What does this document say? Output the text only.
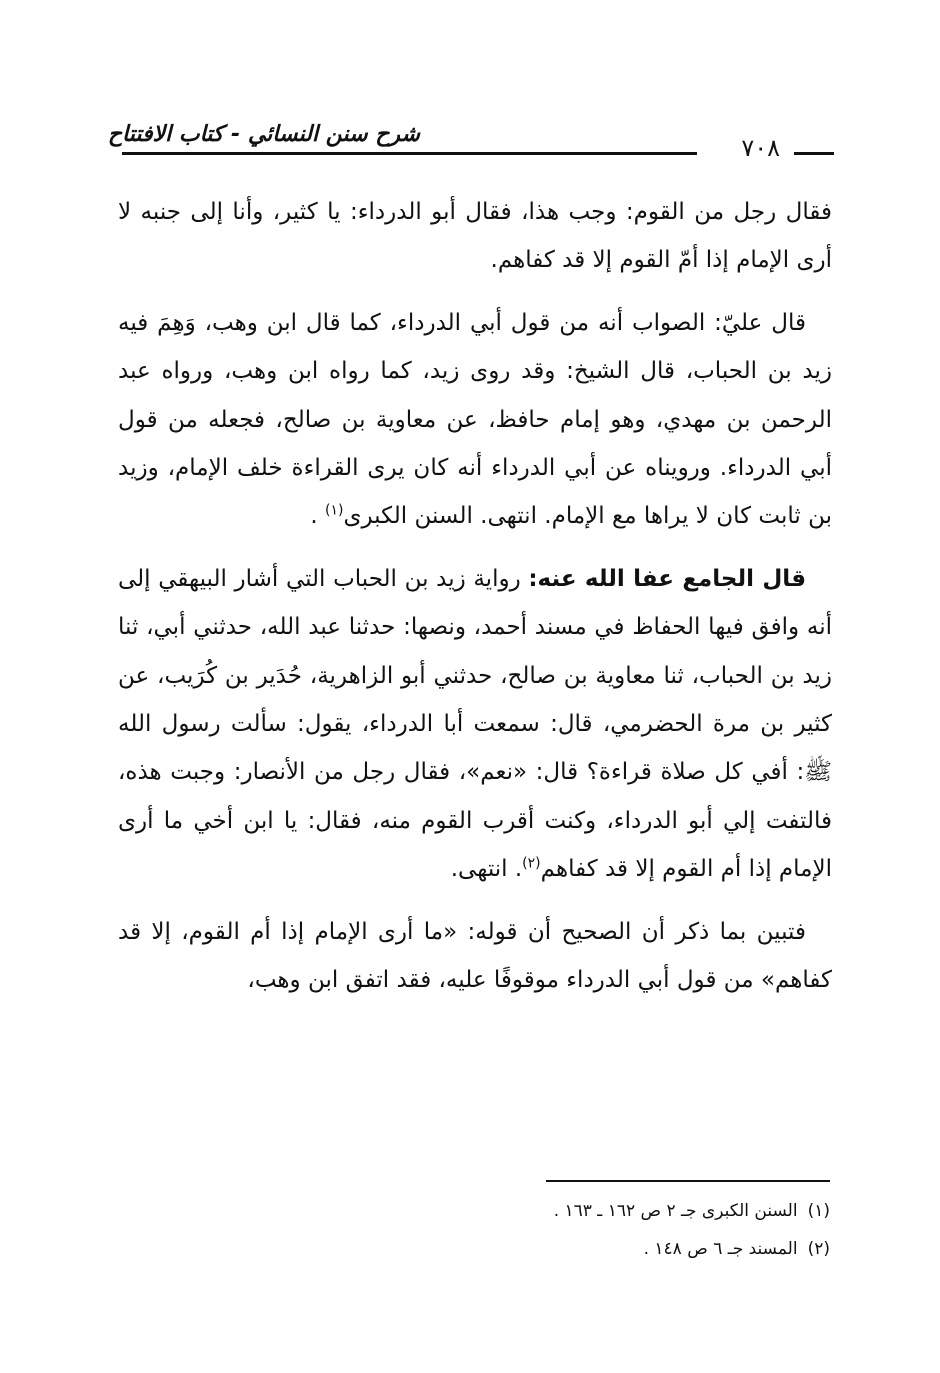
شرح سنن النسائي - كتاب الافتتاح	٧٠٨

فقال رجل من القوم: وجب هذا، فقال أبو الدرداء: يا كثير، وأنا إلى جنبه لا أرى الإمام إذا أمّ القوم إلا قد كفاهم.

قال عليّ: الصواب أنه من قول أبي الدرداء، كما قال ابن وهب، وَهِمَ فيه زيد بن الحباب، قال الشيخ: وقد روى زيد، كما رواه ابن وهب، ورواه عبد الرحمن بن مهدي، وهو إمام حافظ، عن معاوية بن صالح، فجعله من قول أبي الدرداء. ورويناه عن أبي الدرداء أنه كان يرى القراءة خلف الإمام، وزيد بن ثابت كان لا يراها مع الإمام. انتهى. السنن الكبرى$^{(١)}$ .

قال الجامع عفا الله عنه: رواية زيد بن الحباب التي أشار البيهقي إلى أنه وافق فيها الحفاظ في مسند أحمد، ونصها: حدثنا عبد الله، حدثني أبي، ثنا زيد بن الحباب، ثنا معاوية بن صالح، حدثني أبو الزاهرية، حُدَير بن كُرَيب، عن كثير بن مرة الحضرمي، قال: سمعت أبا الدرداء، يقول: سألت رسول الله ﷺ: أفي كل صلاة قراءة؟ قال: «نعم»، فقال رجل من الأنصار: وجبت هذه، فالتفت إلي أبو الدرداء، وكنت أقرب القوم منه، فقال: يا ابن أخي ما أرى الإمام إذا أم القوم إلا قد كفاهم$^{(٢)}$. انتهى.

فتبين بما ذكر أن الصحيح أن قوله: «ما أرى الإمام إذا أم القوم، إلا قد كفاهم» من قول أبي الدرداء موقوفًا عليه، فقد اتفق ابن وهب،

(١)السنن الكبرى جـ ٢ ص ١٦٢ ـ ١٦٣ .

(٢)المسند جـ ٦ ص ١٤٨ .
